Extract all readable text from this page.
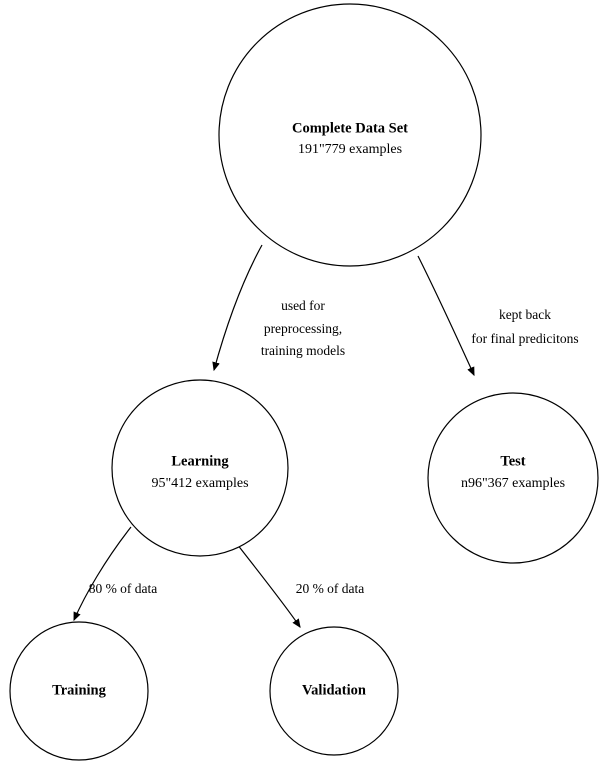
used for
preprocessing,
training models
kept back
for final predicitons
80 % of data	20 % of data
Complete Data Set
191"779 examples
Learning
95"412 examples
Test
n96"367 examples
Training	Validation
